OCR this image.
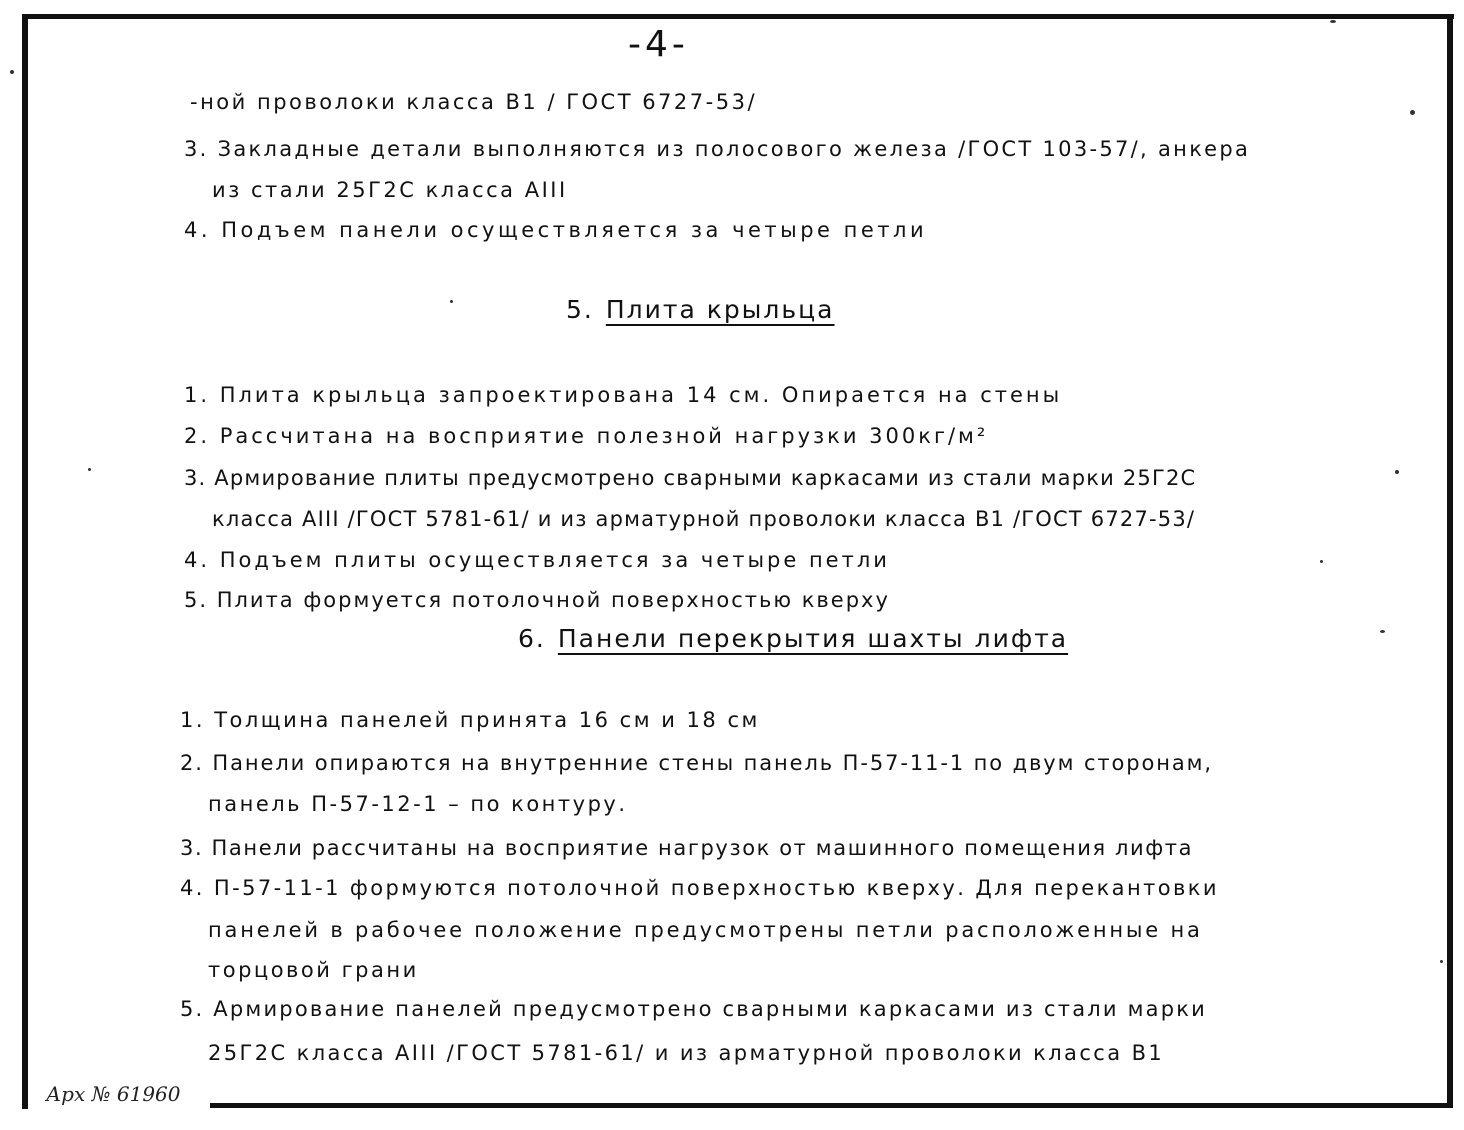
-4-
-ной проволоки класса В1 / ГОСТ 6727-53/
3. Закладные детали выполняются из полосового железа /ГОСТ 103-57/, анкера
из стали 25Г2С класса АIII
4. Подъем панели осуществляется за четыре петли
5. Плита крыльца
1. Плита крыльца запроектирована 14 см. Опирается на стены
2. Рассчитана на восприятие полезной нагрузки 300кг/м²
3. Армирование плиты предусмотрено сварными каркасами из стали марки 25Г2С
класса АIII /ГОСТ 5781-61/ и из арматурной проволоки класса В1 /ГОСТ 6727-53/
4. Подъем плиты осуществляется за четыре петли
5. Плита формуется потолочной поверхностью кверху
6. Панели перекрытия шахты лифта
1. Толщина панелей принята 16 см и 18 см
2. Панели опираются на внутренние стены панель П-57-11-1 по двум сторонам,
панель П-57-12-1 – по контуру.
3. Панели рассчитаны на восприятие нагрузок от машинного помещения лифта
4. П-57-11-1 формуются потолочной поверхностью кверху. Для перекантовки
панелей в рабочее положение предусмотрены петли расположенные на
торцовой грани
5. Армирование панелей предусмотрено сварными каркасами из стали марки
25Г2С класса АIII /ГОСТ 5781-61/ и из арматурной проволоки класса В1
Арх № 61960
